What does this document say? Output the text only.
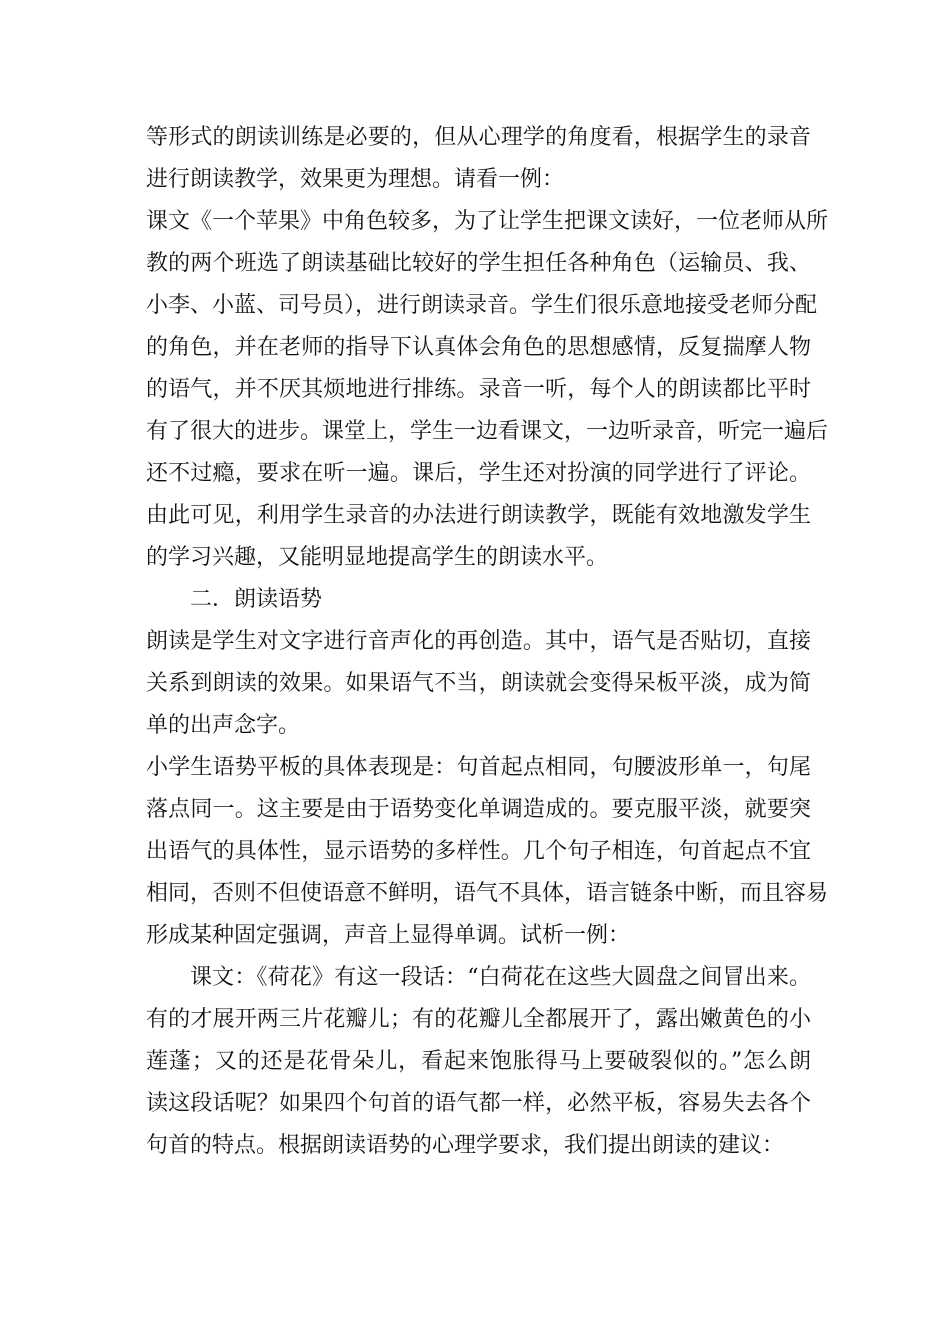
等形式的朗读训练是必要的，但从心理学的角度看，根据学生的录音
进行朗读教学，效果更为理想。请看一例：
课文《一个苹果》中角色较多，为了让学生把课文读好，一位老师从所
教的两个班选了朗读基础比较好的学生担任各种角色（运输员、我、
小李、小蓝、司号员），进行朗读录音。学生们很乐意地接受老师分配
的角色，并在老师的指导下认真体会角色的思想感情，反复揣摩人物
的语气，并不厌其烦地进行排练。录音一听，每个人的朗读都比平时
有了很大的进步。课堂上，学生一边看课文，一边听录音，听完一遍后
还不过瘾，要求在听一遍。课后，学生还对扮演的同学进行了评论。
由此可见，利用学生录音的办法进行朗读教学，既能有效地激发学生
的学习兴趣，又能明显地提高学生的朗读水平。
二．朗读语势
朗读是学生对文字进行音声化的再创造。其中，语气是否贴切，直接
关系到朗读的效果。如果语气不当，朗读就会变得呆板平淡，成为简
单的出声念字。
小学生语势平板的具体表现是：句首起点相同，句腰波形单一，句尾
落点同一。这主要是由于语势变化单调造成的。要克服平淡，就要突
出语气的具体性，显示语势的多样性。几个句子相连，句首起点不宜
相同，否则不但使语意不鲜明，语气不具体，语言链条中断，而且容易
形成某种固定强调，声音上显得单调。试析一例：
课文：《荷花》有这一段话：“白荷花在这些大圆盘之间冒出来。
有的才展开两三片花瓣儿；有的花瓣儿全都展开了，露出嫩黄色的小
莲蓬；又的还是花骨朵儿，看起来饱胀得马上要破裂似的。”怎么朗
读这段话呢？如果四个句首的语气都一样，必然平板，容易失去各个
句首的特点。根据朗读语势的心理学要求，我们提出朗读的建议：
